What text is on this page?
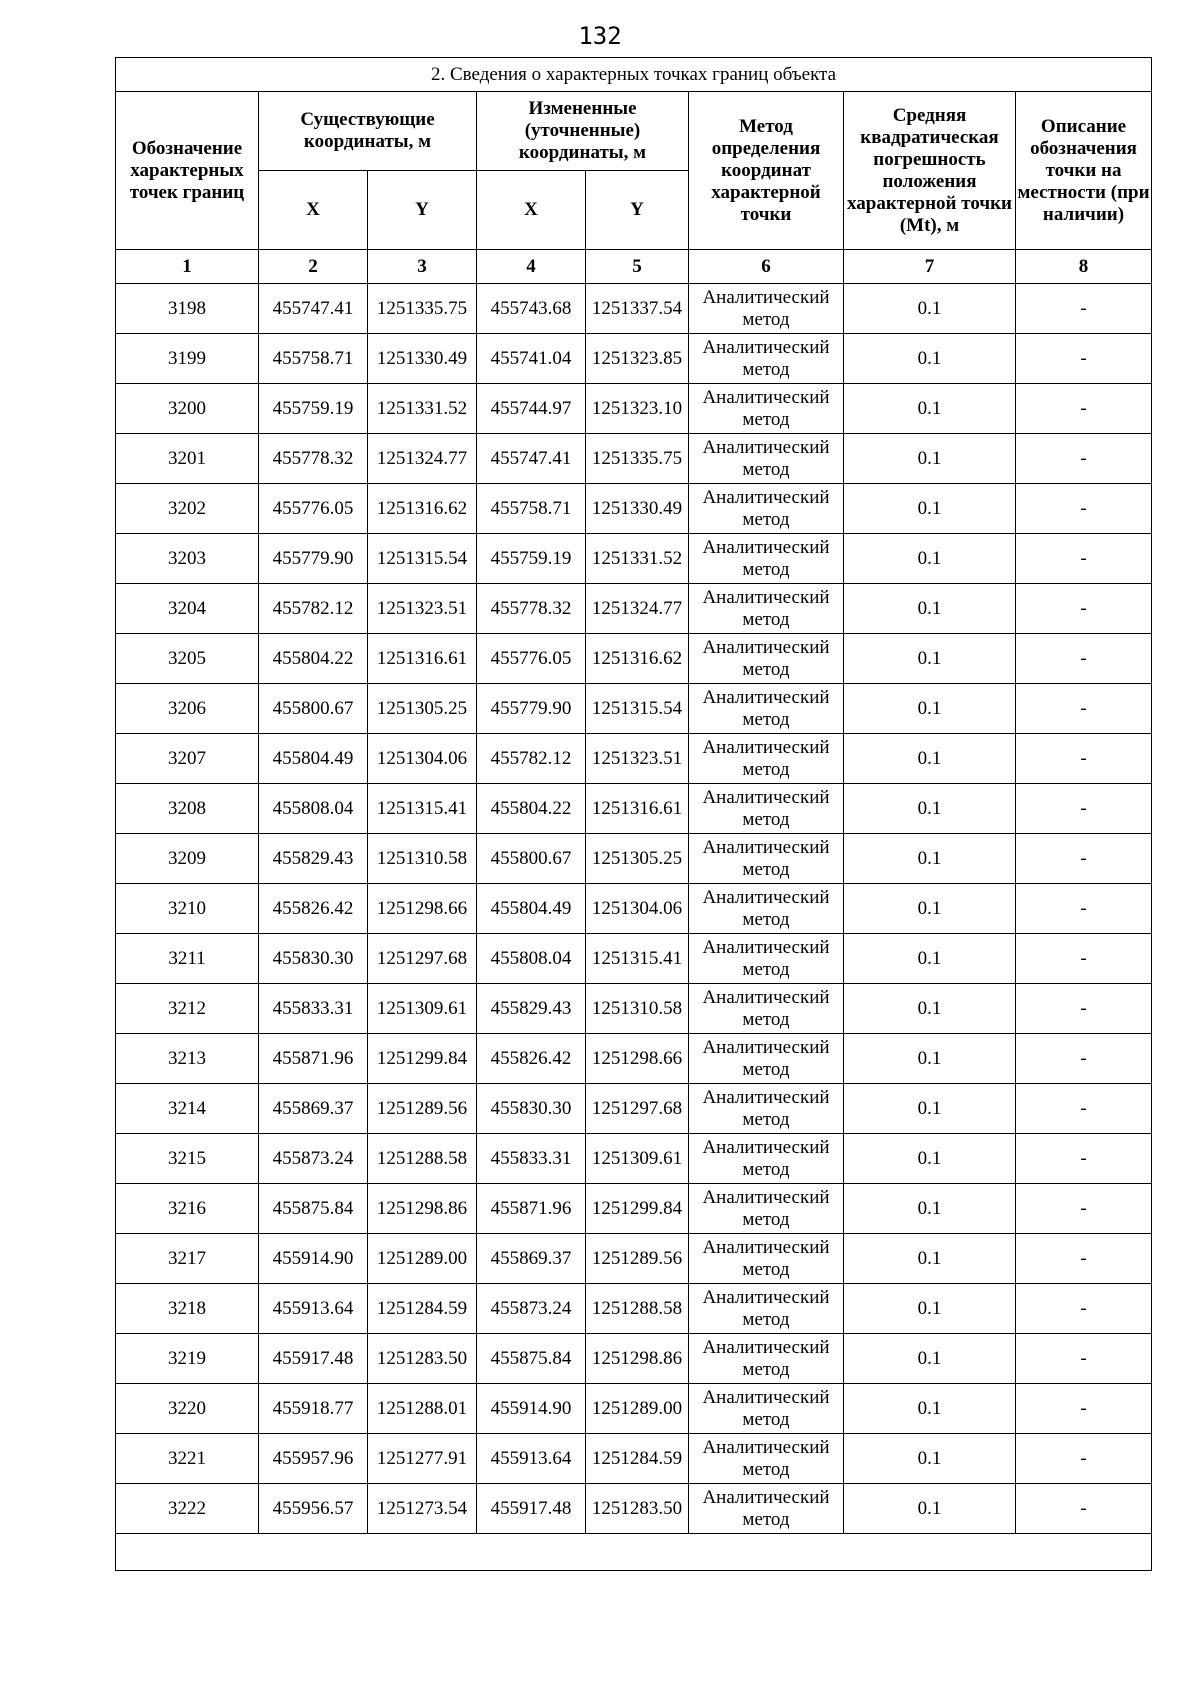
132
2. Сведения о характерных точках границ объекта							
Обозначение характерных точек границ	Существующие координаты, м		Измененные (уточненные) координаты, м		Метод определения координат характерной точки	Средняя квадратическая погрешность положения характерной точки (Mt), м	Описание обозначения точки на местности (при наличии)
	X	Y	X	Y			
1	2	3	4	5	6	7	8
3198	455747.41	1251335.75	455743.68	1251337.54	Аналитический метод	0.1	-
3199	455758.71	1251330.49	455741.04	1251323.85	Аналитический метод	0.1	-
3200	455759.19	1251331.52	455744.97	1251323.10	Аналитический метод	0.1	-
3201	455778.32	1251324.77	455747.41	1251335.75	Аналитический метод	0.1	-
3202	455776.05	1251316.62	455758.71	1251330.49	Аналитический метод	0.1	-
3203	455779.90	1251315.54	455759.19	1251331.52	Аналитический метод	0.1	-
3204	455782.12	1251323.51	455778.32	1251324.77	Аналитический метод	0.1	-
3205	455804.22	1251316.61	455776.05	1251316.62	Аналитический метод	0.1	-
3206	455800.67	1251305.25	455779.90	1251315.54	Аналитический метод	0.1	-
3207	455804.49	1251304.06	455782.12	1251323.51	Аналитический метод	0.1	-
3208	455808.04	1251315.41	455804.22	1251316.61	Аналитический метод	0.1	-
3209	455829.43	1251310.58	455800.67	1251305.25	Аналитический метод	0.1	-
3210	455826.42	1251298.66	455804.49	1251304.06	Аналитический метод	0.1	-
3211	455830.30	1251297.68	455808.04	1251315.41	Аналитический метод	0.1	-
3212	455833.31	1251309.61	455829.43	1251310.58	Аналитический метод	0.1	-
3213	455871.96	1251299.84	455826.42	1251298.66	Аналитический метод	0.1	-
3214	455869.37	1251289.56	455830.30	1251297.68	Аналитический метод	0.1	-
3215	455873.24	1251288.58	455833.31	1251309.61	Аналитический метод	0.1	-
3216	455875.84	1251298.86	455871.96	1251299.84	Аналитический метод	0.1	-
3217	455914.90	1251289.00	455869.37	1251289.56	Аналитический метод	0.1	-
3218	455913.64	1251284.59	455873.24	1251288.58	Аналитический метод	0.1	-
3219	455917.48	1251283.50	455875.84	1251298.86	Аналитический метод	0.1	-
3220	455918.77	1251288.01	455914.90	1251289.00	Аналитический метод	0.1	-
3221	455957.96	1251277.91	455913.64	1251284.59	Аналитический метод	0.1	-
3222	455956.57	1251273.54	455917.48	1251283.50	Аналитический метод	0.1	-
